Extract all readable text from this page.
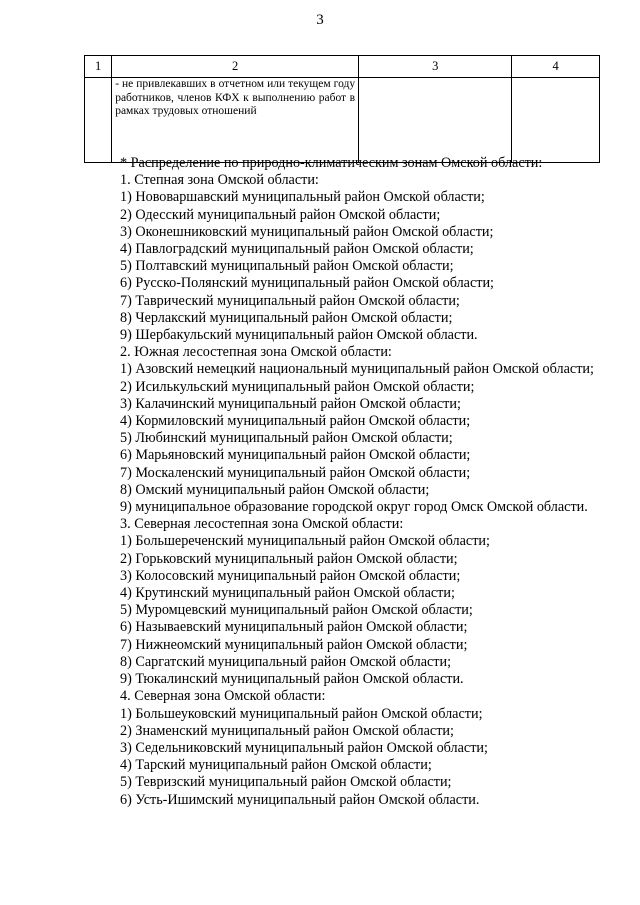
3
1	2	3	4
	- не привлекавших в отчетном или текущем году работников, членов КФХ к выполнению работ в рамках трудовых отношений		

* Распределение по природно-климатическим зонам Омской области:

1. Степная зона Омской области:

1) Нововаршавский муниципальный район Омской области;

2) Одесский муниципальный район Омской области;

3) Оконешниковский муниципальный район Омской области;

4) Павлоградский муниципальный район Омской области;

5) Полтавский муниципальный район Омской области;

6) Русско-Полянский муниципальный район Омской области;

7) Таврический муниципальный район Омской области;

8) Черлакский муниципальный район Омской области;

9) Шербакульский муниципальный район Омской области.

2. Южная лесостепная зона Омской области:

1) Азовский немецкий национальный муниципальный район Омской области;

2) Исилькульский муниципальный район Омской области;

3) Калачинский муниципальный район Омской области;

4) Кормиловский муниципальный район Омской области;

5) Любинский муниципальный район Омской области;

6) Марьяновский муниципальный район Омской области;

7) Москаленский муниципальный район Омской области;

8) Омский муниципальный район Омской области;

9) муниципальное образование городской округ город Омск Омской области.

3. Северная лесостепная зона Омской области:

1) Большереченский муниципальный район Омской области;

2) Горьковский муниципальный район Омской области;

3) Колосовский муниципальный район Омской области;

4) Крутинский муниципальный район Омской области;

5) Муромцевский муниципальный район Омской области;

6) Называевский муниципальный район Омской области;

7) Нижнеомский муниципальный район Омской области;

8) Саргатский муниципальный район Омской области;

9) Тюкалинский муниципальный район Омской области.

4. Северная зона Омской области:

1) Большеуковский муниципальный район Омской области;

2) Знаменский муниципальный район Омской области;

3) Седельниковский муниципальный район Омской области;

4) Тарский муниципальный район Омской области;

5) Тевризский муниципальный район Омской области;

6) Усть-Ишимский муниципальный район Омской области.
